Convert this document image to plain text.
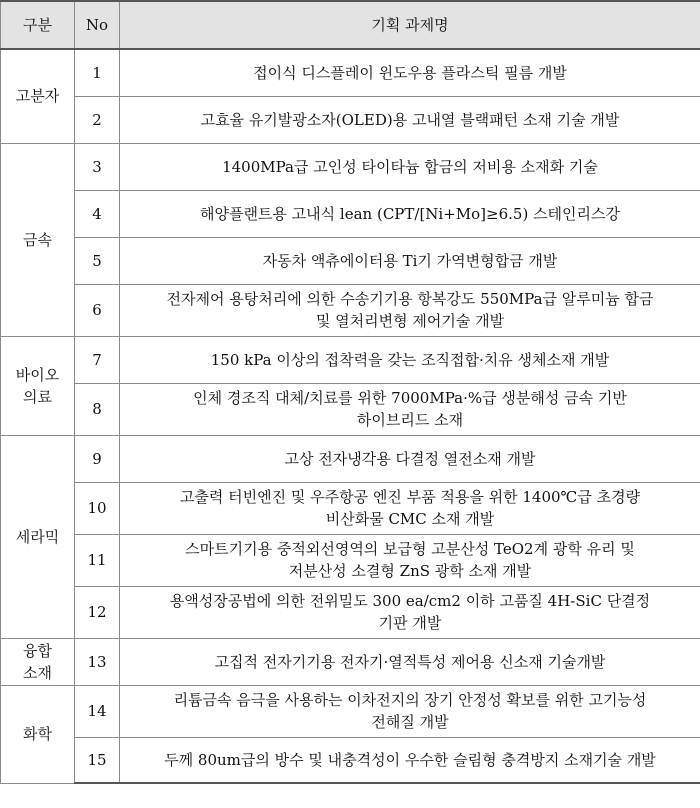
구분	No	기획 과제명

고분자	1	접이식 디스플레이 윈도우용 플라스틱 필름 개발

	2	고효율 유기발광소자(OLED)용 고내열 블랙패턴 소재 기술 개발

금속	3	1400MPa급 고인성 타이타늄 합금의 저비용 소재화 기술

	4	해양플랜트용 고내식 lean (CPT/[Ni+Mo]≥6.5) 스테인리스강

	5	자동차 액츄에이터용 Ti기 가역변형합금 개발

	6	전자제어 용탕처리에 의한 수송기기용 항복강도 550MPa급 알루미늄 합금
및 열처리변형 제어기술 개발

바이오
의료	7	150 kPa 이상의 접착력을 갖는 조직접합·치유 생체소재 개발

	8	인체 경조직 대체/치료를 위한 7000MPa·%급 생분해성 금속 기반
하이브리드 소재

세라믹	9	고상 전자냉각용 다결정 열전소재 개발

	10	고출력 터빈엔진 및 우주항공 엔진 부품 적용을 위한 1400℃급 초경량
비산화물 CMC 소재 개발

	11	스마트기기용 중적외선영역의 보급형 고분산성 TeO2계 광학 유리 및
저분산성 소결형 ZnS 광학 소재 개발

	12	용액성장공법에 의한 전위밀도 300 ea/cm2 이하 고품질 4H-SiC 단결정
기판 개발

융합
소재	13	고집적 전자기기용 전자기·열적특성 제어용 신소재 기술개발

화학	14	리튬금속 음극을 사용하는 이차전지의 장기 안정성 확보를 위한 고기능성
전해질 개발

	15	두께 80um급의 방수 및 내충격성이 우수한 슬림형 충격방지 소재기술 개발
